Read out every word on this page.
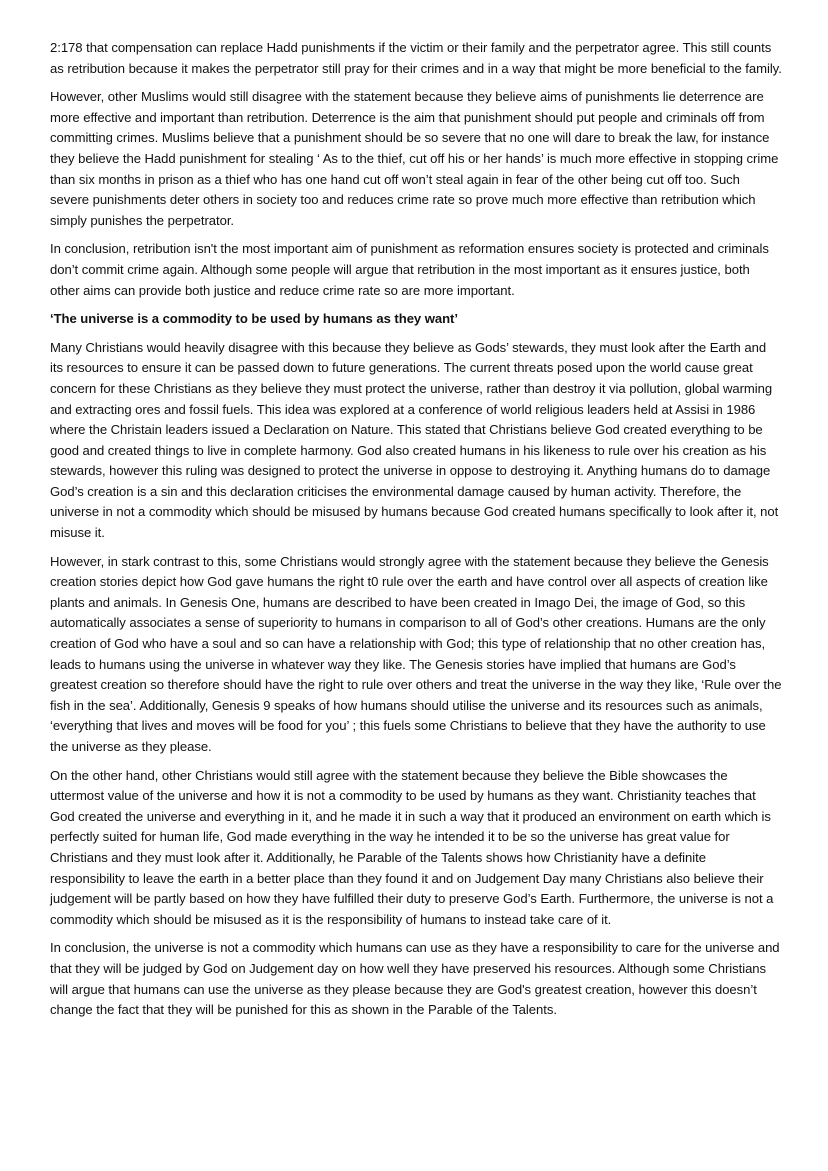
2:178 that compensation can replace Hadd punishments if the victim or their family and the perpetrator agree. This still counts as retribution because it makes the perpetrator still pray for their crimes and in a way that might be more beneficial to the family.

However, other Muslims would still disagree with the statement because they believe aims of punishments lie deterrence are more effective and important than retribution. Deterrence is the aim that punishment should put people and criminals off from committing crimes. Muslims believe that a punishment should be so severe that no one will dare to break the law, for instance they believe the Hadd punishment for stealing ‘ As to the thief, cut off his or her hands’ is much more effective in stopping crime than six months in prison as a thief who has one hand cut off won’t steal again in fear of the other being cut off too. Such severe punishments deter others in society too and reduces crime rate so prove much more effective than retribution which simply punishes the perpetrator.

In conclusion, retribution isn't the most important aim of punishment as reformation ensures society is protected and criminals don’t commit crime again. Although some people will argue that retribution in the most important as it ensures justice, both other aims can provide both justice and reduce crime rate so are more important.

‘The universe is a commodity to be used by humans as they want’

Many Christians would heavily disagree with this because they believe as Gods’ stewards, they must look after the Earth and its resources to ensure it can be passed down to future generations. The current threats posed upon the world cause great concern for these Christians as they believe they must protect the universe, rather than destroy it via pollution, global warming and extracting ores and fossil fuels. This idea was explored at a conference of world religious leaders held at Assisi in 1986 where the Christain leaders issued a Declaration on Nature. This stated that Christians believe God created everything to be good and created things to live in complete harmony. God also created humans in his likeness to rule over his creation as his stewards, however this ruling was designed to protect the universe in oppose to destroying it. Anything humans do to damage God’s creation is a sin and this declaration criticises the environmental damage caused by human activity. Therefore, the universe in not a commodity which should be misused by humans because God created humans specifically to look after it, not misuse it.

However, in stark contrast to this, some Christians would strongly agree with the statement because they believe the Genesis creation stories depict how God gave humans the right t0 rule over the earth and have control over all aspects of creation like plants and animals. In Genesis One, humans are described to have been created in Imago Dei, the image of God, so this automatically associates a sense of superiority to humans in comparison to all of God’s other creations. Humans are the only creation of God who have a soul and so can have a relationship with God; this type of relationship that no other creation has, leads to humans using the universe in whatever way they like. The Genesis stories have implied that humans are God’s greatest creation so therefore should have the right to rule over others and treat the universe in the way they like, ‘Rule over the fish in the sea’. Additionally, Genesis 9 speaks of how humans should utilise the universe and its resources such as animals, ‘everything that lives and moves will be food for you’ ; this fuels some Christians to believe that they have the authority to use the universe as they please.

On the other hand, other Christians would still agree with the statement because they believe the Bible showcases the uttermost value of the universe and how it is not a commodity to be used by humans as they want. Christianity teaches that God created the universe and everything in it, and he made it in such a way that it produced an environment on earth which is perfectly suited for human life, God made everything in the way he intended it to be so the universe has great value for Christians and they must look after it. Additionally, he Parable of the Talents shows how Christianity have a definite responsibility to leave the earth in a better place than they found it and on Judgement Day many Christians also believe their judgement will be partly based on how they have fulfilled their duty to preserve God’s Earth. Furthermore, the universe is not a commodity which should be misused as it is the responsibility of humans to instead take care of it.

In conclusion, the universe is not a commodity which humans can use as they have a responsibility to care for the universe and that they will be judged by God on Judgement day on how well they have preserved his resources. Although some Christians will argue that humans can use the universe as they please because they are God's greatest creation, however this doesn’t change the fact that they will be punished for this as shown in the Parable of the Talents.
